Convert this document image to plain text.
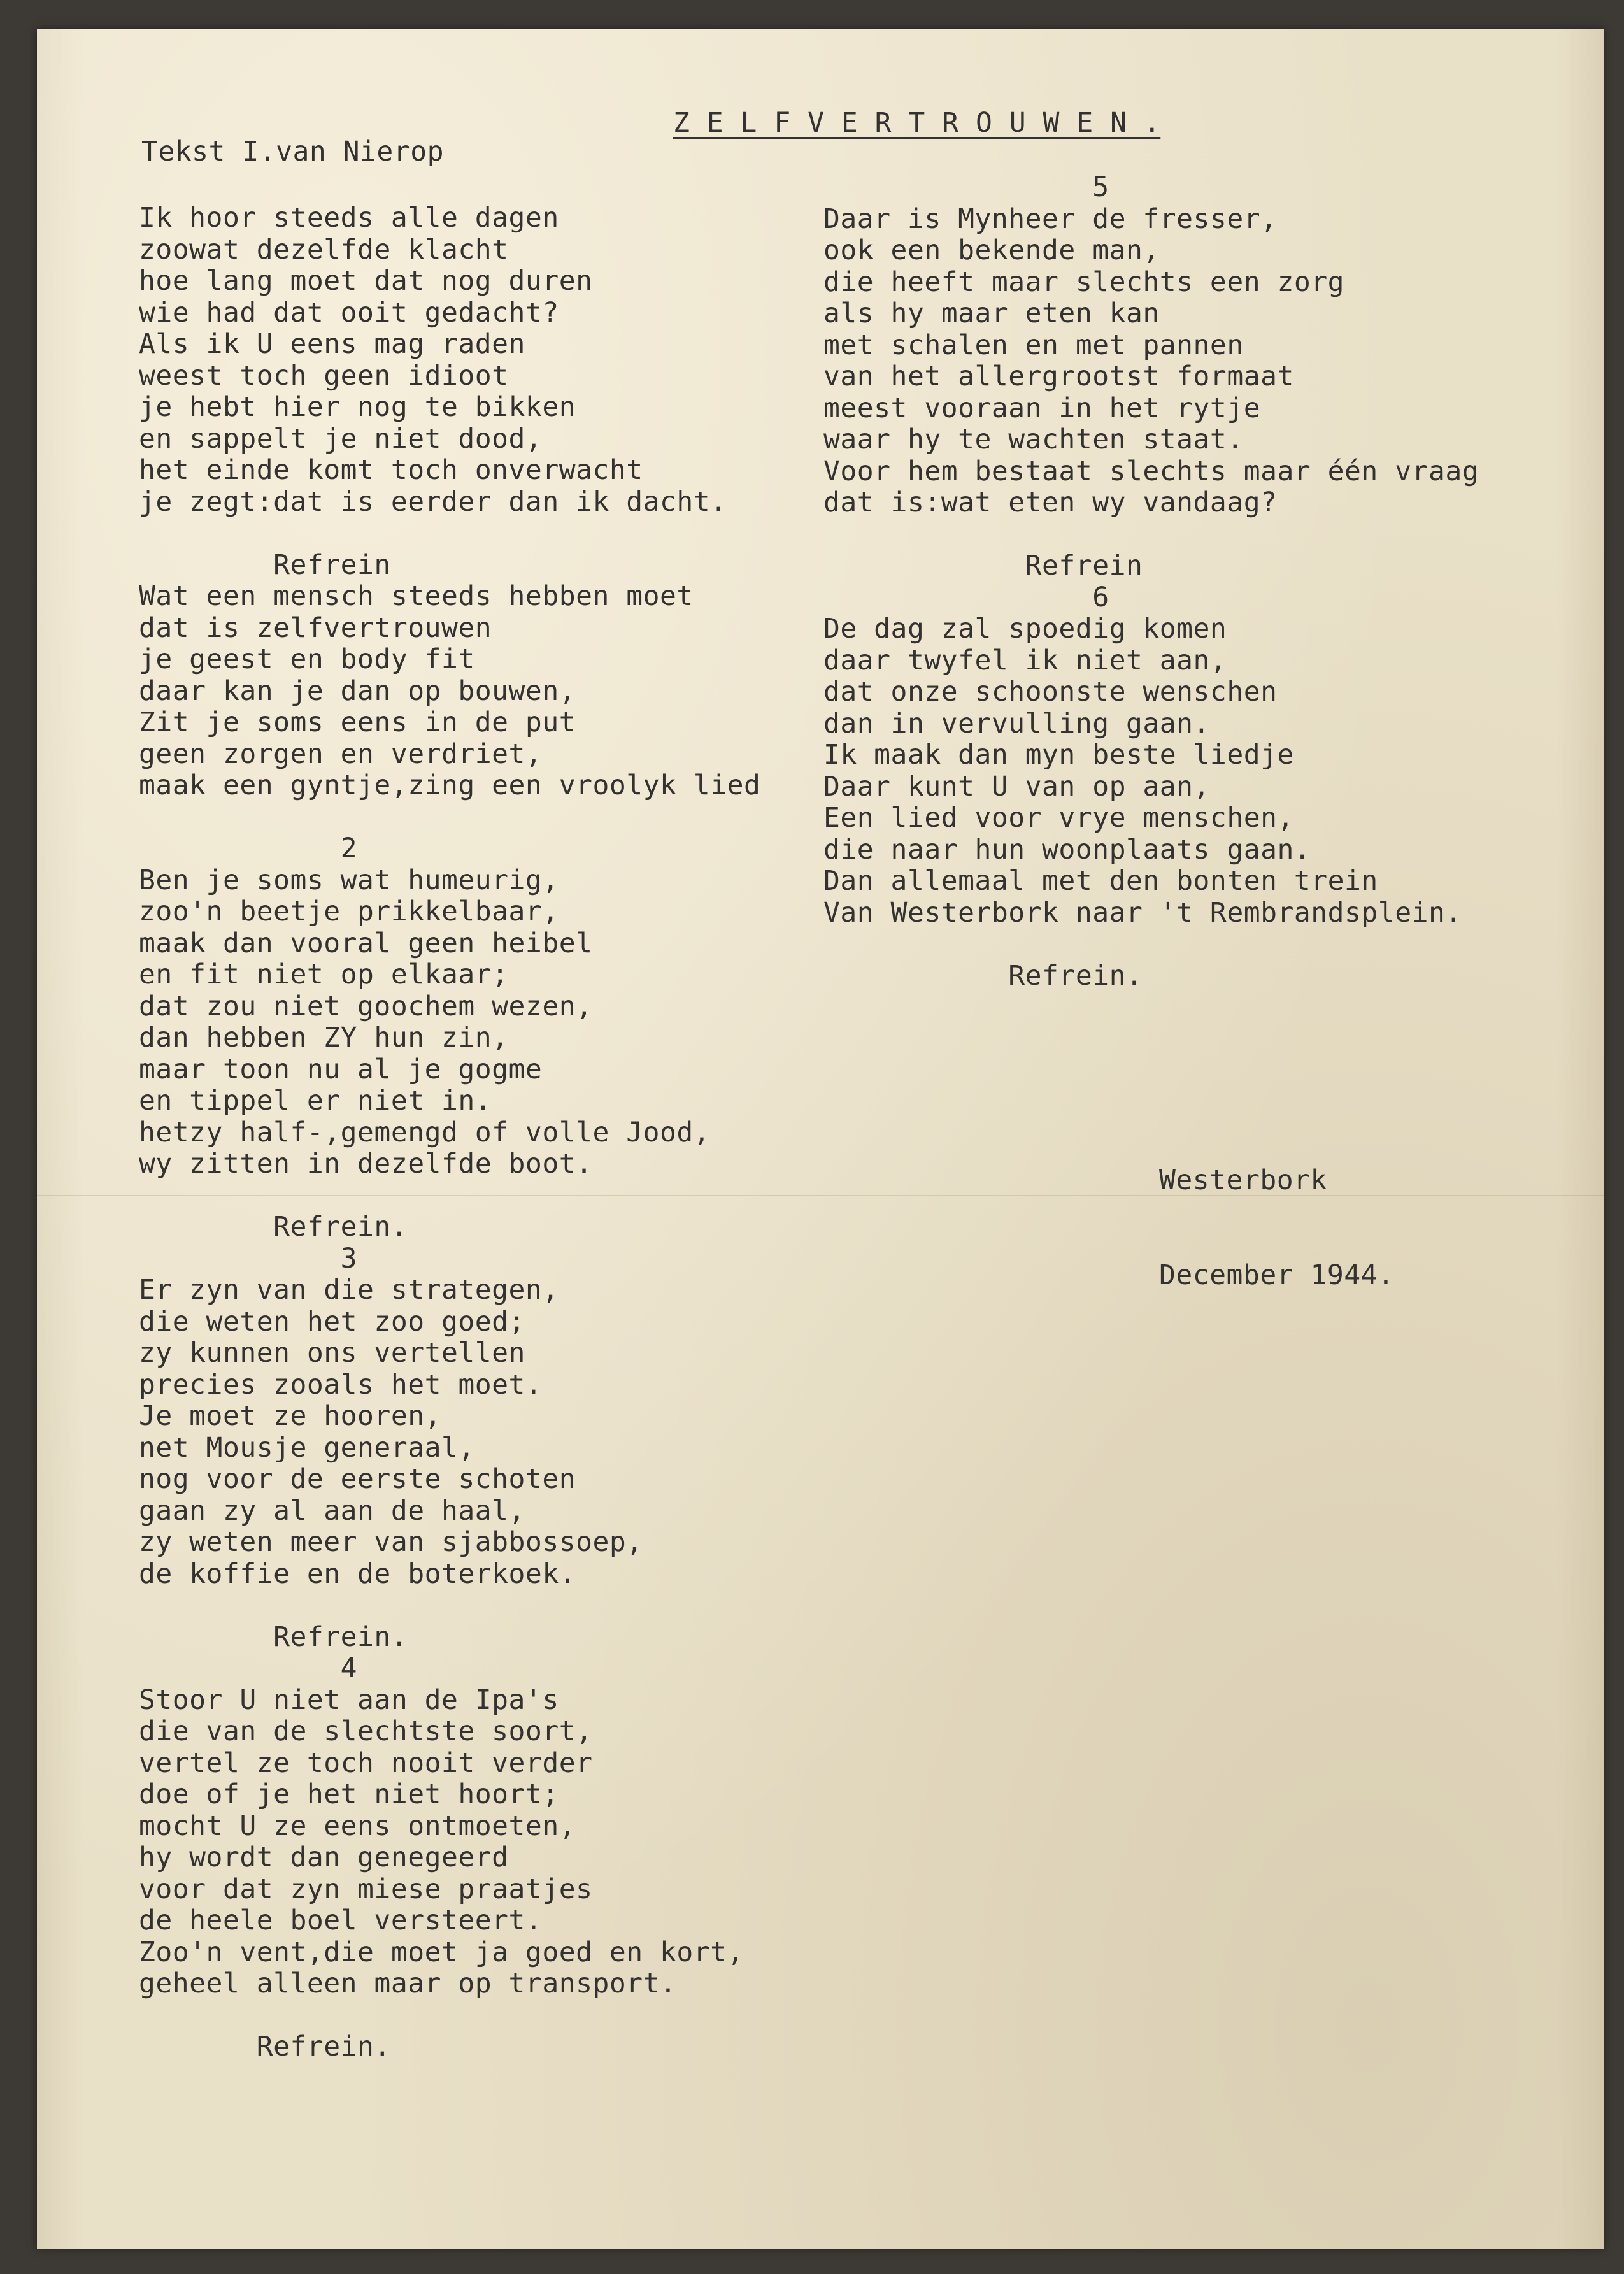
Z E L F V E R T R O U W E N .
Tekst I.van Nierop
Ik hoor steeds alle dagen
zoowat dezelfde klacht
hoe lang moet dat nog duren
wie had dat ooit gedacht?
Als ik U eens mag raden
weest toch geen idioot
je hebt hier nog te bikken
en sappelt je niet dood,
het einde komt toch onverwacht
je zegt:dat is eerder dan ik dacht.

Refrein
Wat een mensch steeds hebben moet
dat is zelfvertrouwen
je geest en body fit
daar kan je dan op bouwen,
Zit je soms eens in de put
geen zorgen en verdriet,
maak een gyntje,zing een vroolyk lied

2
Ben je soms wat humeurig,
zoo'n beetje prikkelbaar,
maak dan vooral geen heibel
en fit niet op elkaar;
dat zou niet goochem wezen,
dan hebben ZY hun zin,
maar toon nu al je gogme
en tippel er niet in.
hetzy half-,gemengd of volle Jood,
wy zitten in dezelfde boot.

Refrein.
3
Er zyn van die strategen,
die weten het zoo goed;
zy kunnen ons vertellen
precies zooals het moet.
Je moet ze hooren,
net Mousje generaal,
nog voor de eerste schoten
gaan zy al aan de haal,
zy weten meer van sjabbossoep,
de koffie en de boterkoek.

Refrein.
4
Stoor U niet aan de Ipa's
die van de slechtste soort,
vertel ze toch nooit verder
doe of je het niet hoort;
mocht U ze eens ontmoeten,
hy wordt dan genegeerd
voor dat zyn miese praatjes
de heele boel versteert.
Zoo'n vent,die moet ja goed en kort,
geheel alleen maar op transport.

Refrein.
5
Daar is Mynheer de fresser,
ook een bekende man,
die heeft maar slechts een zorg
als hy maar eten kan
met schalen en met pannen
van het allergrootst formaat
meest vooraan in het rytje
waar hy te wachten staat.
Voor hem bestaat slechts maar één vraag
dat is:wat eten wy vandaag?

Refrein
6
De dag zal spoedig komen
daar twyfel ik niet aan,
dat onze schoonste wenschen
dan in vervulling gaan.
Ik maak dan myn beste liedje
Daar kunt U van op aan,
Een lied voor vrye menschen,
die naar hun woonplaats gaan.
Dan allemaal met den bonten trein
Van Westerbork naar 't Rembrandsplein.

Refrein.

Westerbork

December 1944.
